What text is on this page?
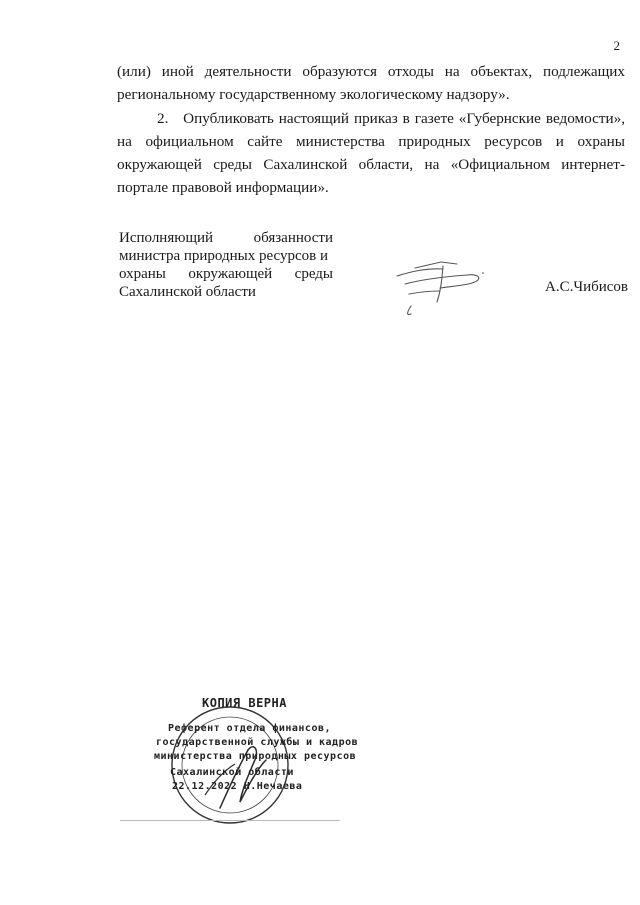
2
(или) иной деятельности образуются отходы на объектах, подлежащих региональному государственному экологическому надзору».
2.   Опубликовать настоящий приказ в газете «Губернские ведомости», на официальном сайте министерства природных ресурсов и охраны окружающей среды Сахалинской области, на «Официальном интернет-портале правовой информации».
Исполняющий	обязанности
министра природных ресурсов и
охраны окружающей среды
Сахалинской области	А.С.Чибисов
КОПИЯ ВЕРНА
Референт отдела финансов,
государственной службы и кадров
министерства природных ресурсов
Сахалинской области
22.12.2022 Н.Нечаева
